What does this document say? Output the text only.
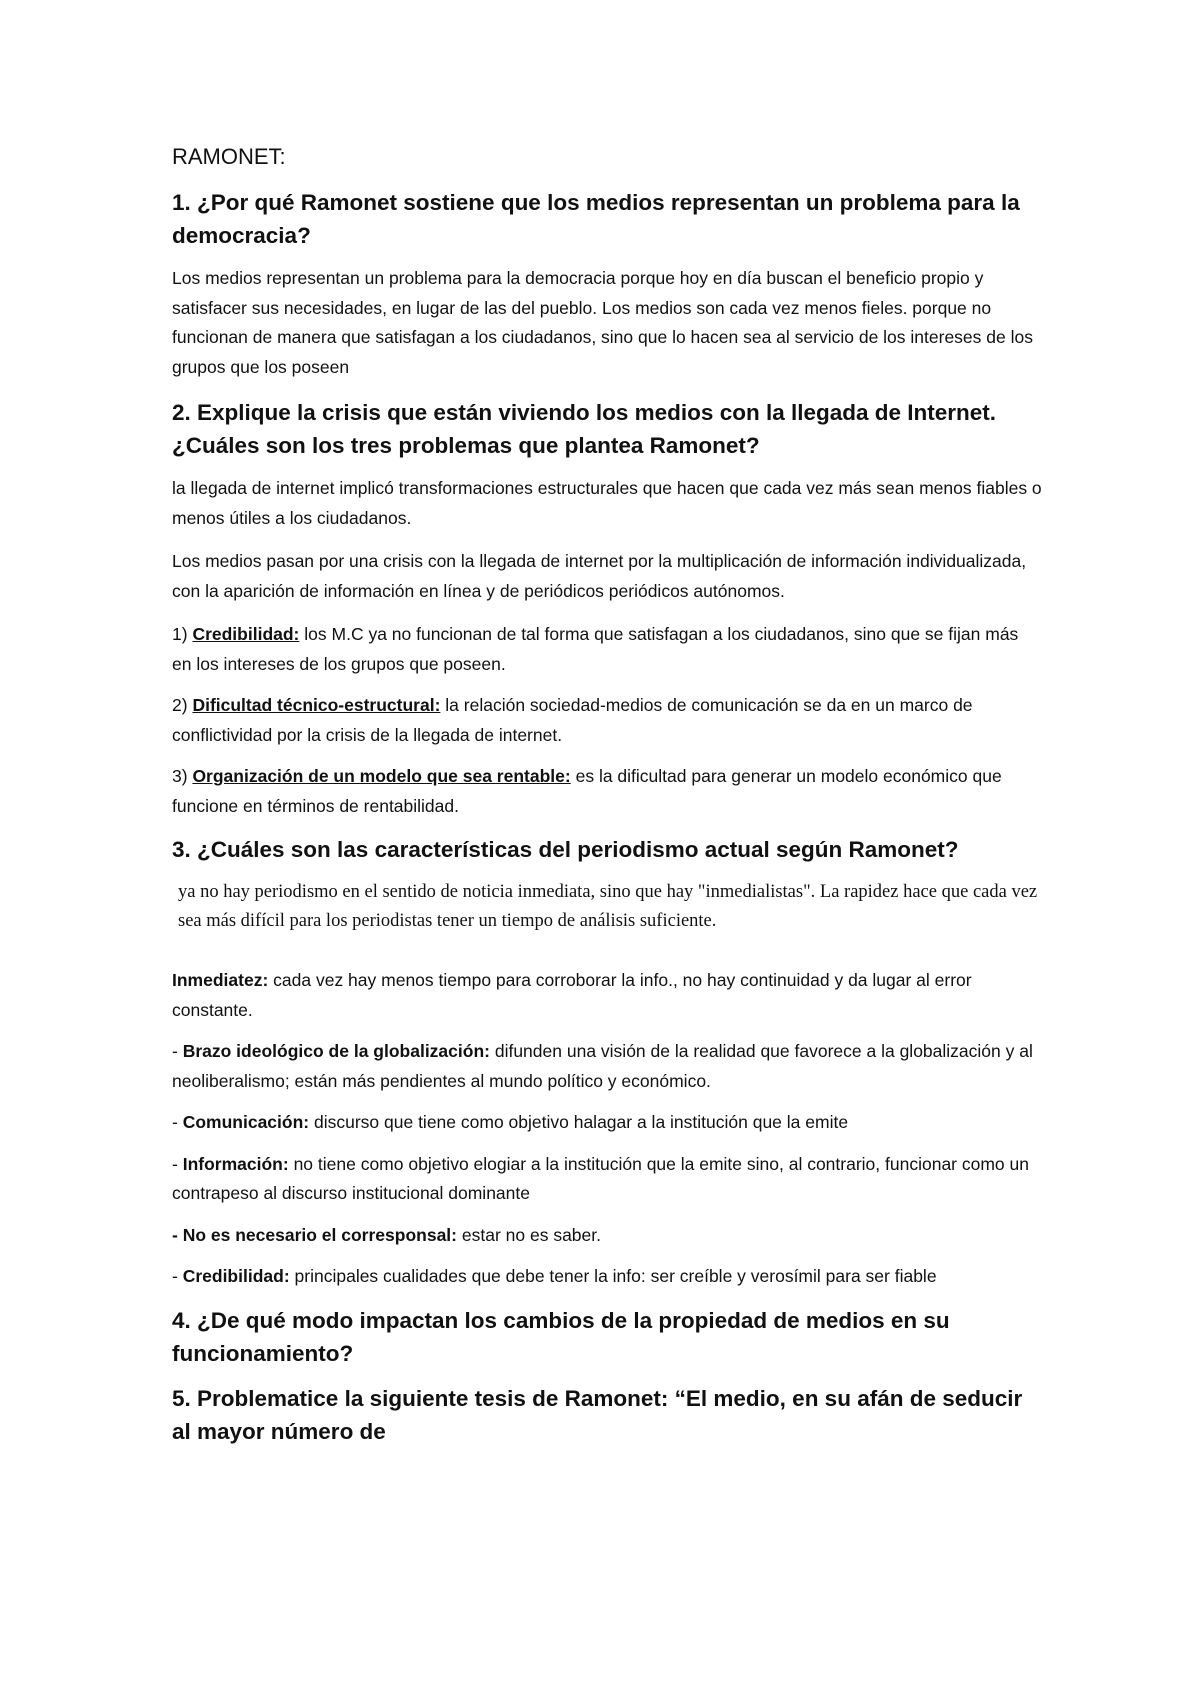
RAMONET:
1. ¿Por qué Ramonet sostiene que los medios representan un problema para la democracia?
Los medios representan un problema para la democracia porque hoy en día buscan el beneficio propio y satisfacer sus necesidades, en lugar de las del pueblo. Los medios son cada vez menos fieles. porque no funcionan de manera que satisfagan a los ciudadanos, sino que lo hacen sea al servicio de los intereses de los grupos que los poseen
2. Explique la crisis que están viviendo los medios con la llegada de Internet. ¿Cuáles son los tres problemas que plantea Ramonet?
la llegada de internet implicó transformaciones estructurales que hacen que cada vez más sean menos fiables o menos útiles a los ciudadanos.
Los medios pasan por una crisis con la llegada de internet por la multiplicación de información individualizada, con la aparición de información en línea y de periódicos periódicos autónomos.
1) Credibilidad: los M.C ya no funcionan de tal forma que satisfagan a los ciudadanos, sino que se fijan más en los intereses de los grupos que poseen.
2) Dificultad técnico-estructural: la relación sociedad-medios de comunicación se da en un marco de conflictividad por la crisis de la llegada de internet.
3) Organización de un modelo que sea rentable: es la dificultad para generar un modelo económico que funcione en términos de rentabilidad.
3. ¿Cuáles son las características del periodismo actual según Ramonet?
ya no hay periodismo en el sentido de noticia inmediata, sino que hay "inmedialistas". La rapidez hace que cada vez sea más difícil para los periodistas tener un tiempo de análisis suficiente.
Inmediatez: cada vez hay menos tiempo para corroborar la info., no hay continuidad y da lugar al error constante.
- Brazo ideológico de la globalización: difunden una visión de la realidad que favorece a la globalización y al neoliberalismo; están más pendientes al mundo político y económico.
- Comunicación: discurso que tiene como objetivo halagar a la institución que la emite
- Información: no tiene como objetivo elogiar a la institución que la emite sino, al contrario, funcionar como un contrapeso al discurso institucional dominante
- No es necesario el corresponsal: estar no es saber.
- Credibilidad: principales cualidades que debe tener la info: ser creíble y verosímil para ser fiable
4. ¿De qué modo impactan los cambios de la propiedad de medios en su funcionamiento?
5. Problematice la siguiente tesis de Ramonet: “El medio, en su afán de seducir al mayor número de
